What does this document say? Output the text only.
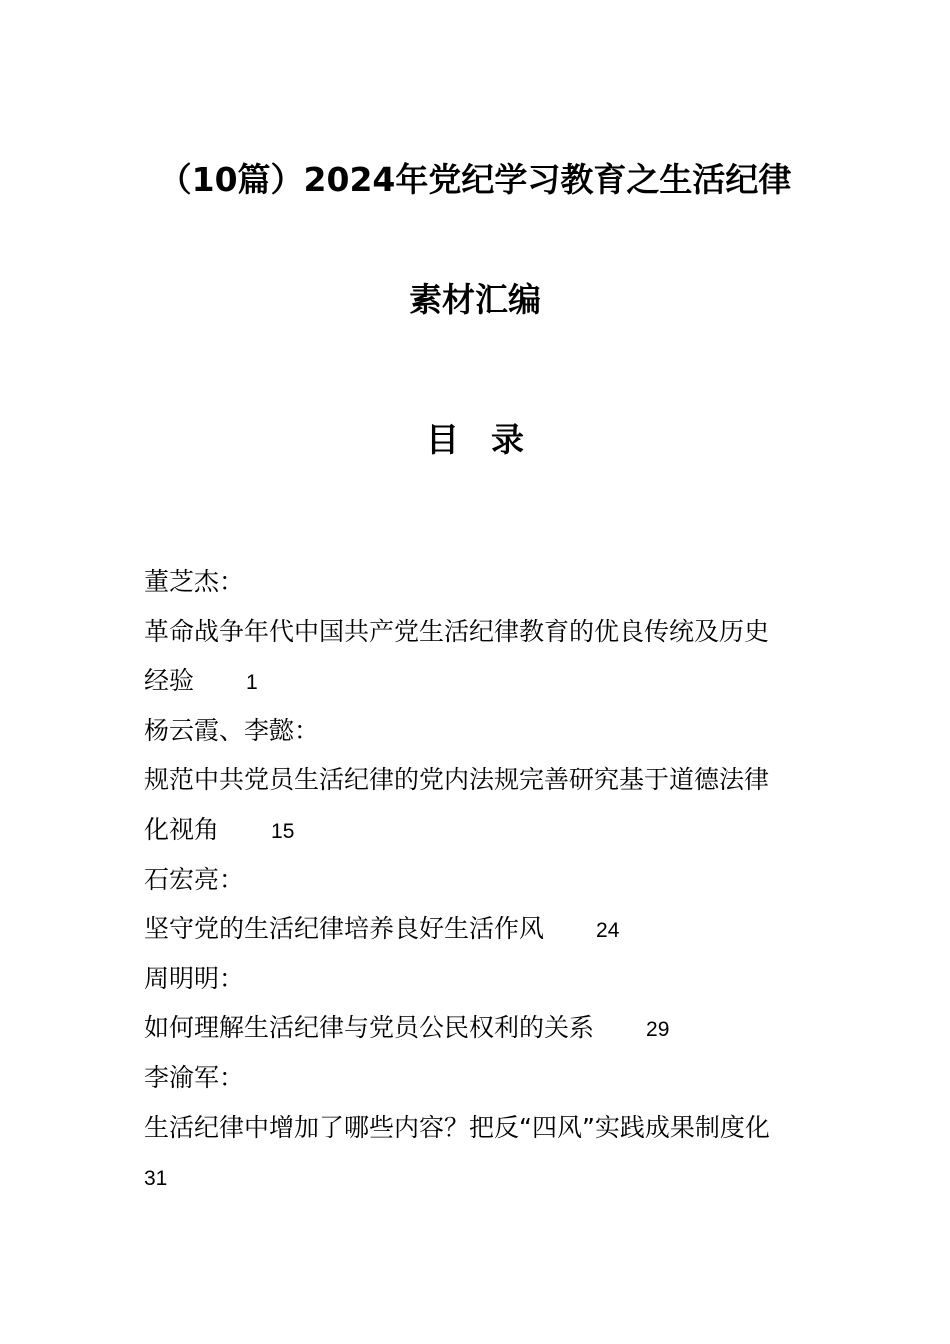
（10篇）2024年党纪学习教育之生活纪律
素材汇编
目录
董芝杰：
革命战争年代中国共产党生活纪律教育的优良传统及历史
经验 1
杨云霞、李懿：
规范中共党员生活纪律的党内法规完善研究基于道德法律
化视角 15
石宏亮：
坚守党的生活纪律培养良好生活作风 24
周明明：
如何理解生活纪律与党员公民权利的关系 29
李渝军：
生活纪律中增加了哪些内容？把反“四风”实践成果制度化
31
